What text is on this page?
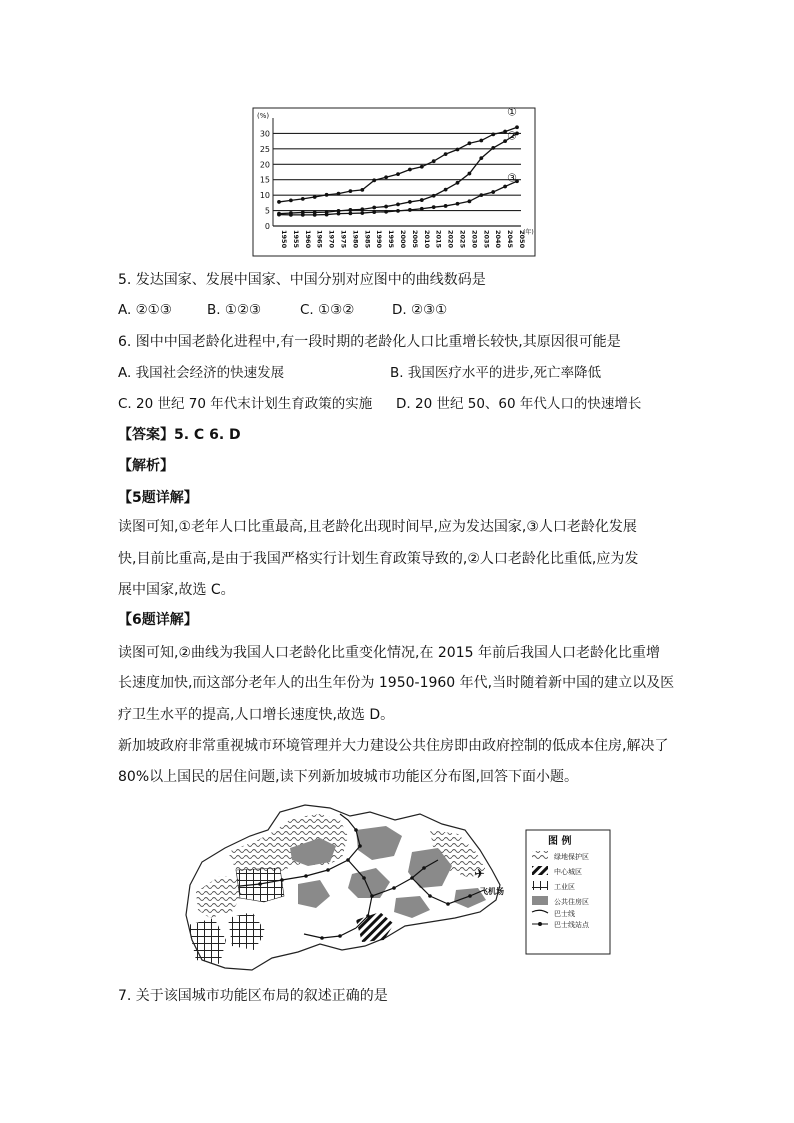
(%)
0
5
10
15
20
25
30
1950 1955 1960 1965 1970 1975 1980 1985 1990 1995 2000 2005 2010 2015 2020 2025 2030 2035 2040 2045 2050
(年)
①
②
③
5. 发达国家、发展中国家、中国分别对应图中的曲线数码是
A. ②①③	B. ①②③	C. ①③②	D. ②③①
6. 图中中国老龄化进程中,有一段时期的老龄化人口比重增长较快,其原因很可能是
A. 我国社会经济的快速发展	B. 我国医疗水平的进步,死亡率降低
C. 20 世纪 70 年代末计划生育政策的实施 D. 20 世纪 50、60 年代人口的快速增长
【答案】5. C 6. D
【解析】
【5题详解】
读图可知,①老年人口比重最高,且老龄化出现时间早,应为发达国家,③人口老龄化发展
快,目前比重高,是由于我国严格实行计划生育政策导致的,②人口老龄化比重低,应为发
展中国家,故选 C。
【6题详解】
读图可知,②曲线为我国人口老龄化比重变化情况,在 2015 年前后我国人口老龄化比重增
长速度加快,而这部分老年人的出生年份为 1950-1960 年代,当时随着新中国的建立以及医
疗卫生水平的提高,人口增长速度快,故选 D。
新加坡政府非常重视城市环境管理并大力建设公共住房即由政府控制的低成本住房,解决了
80%以上国民的居住问题,读下列新加坡城市功能区分布图,回答下面小题。
✈
飞机场
图 例
绿地保护区
中心城区
工业区
公共住房区
巴士线
巴士线站点
7. 关于该国城市功能区布局的叙述正确的是
